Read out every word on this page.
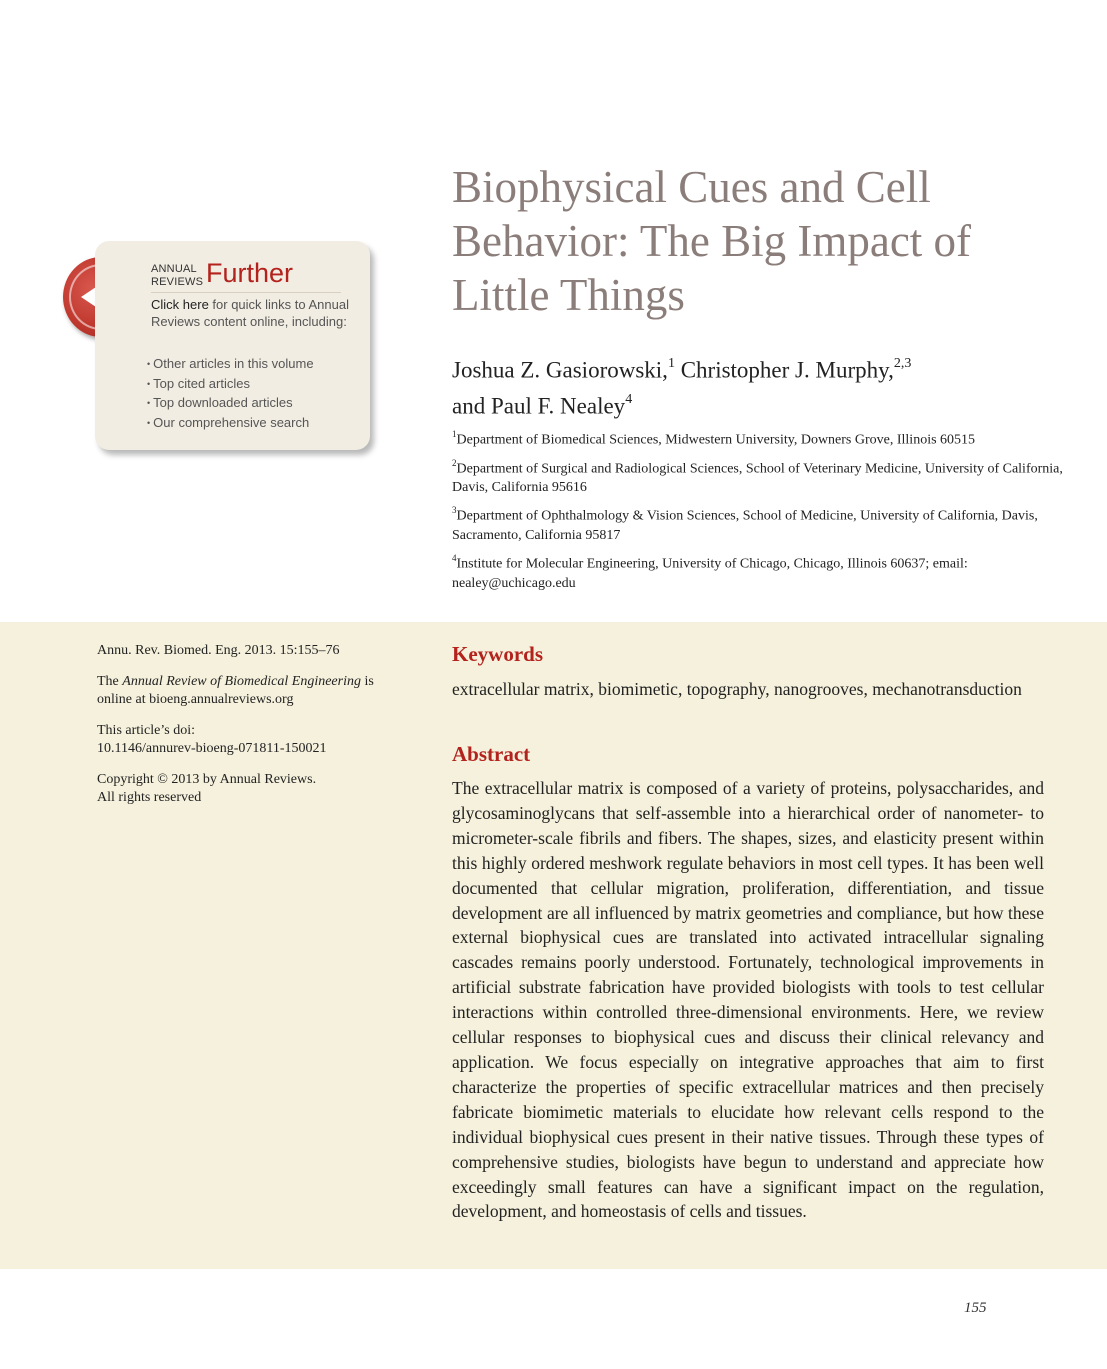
ANNUAL
REVIEWS Further
Click here for quick links to Annual Reviews content online, including:
• Other articles in this volume
• Top cited articles
• Top downloaded articles
• Our comprehensive search
Biophysical Cues and Cell Behavior: The Big Impact of Little Things
Joshua Z. Gasiorowski,$^1$ Christopher J. Murphy,$^{2,3}$
and Paul F. Nealey$^4$

$^1$Department of Biomedical Sciences, Midwestern University, Downers Grove, Illinois 60515

$^2$Department of Surgical and Radiological Sciences, School of Veterinary Medicine, University of California, Davis, California 95616

$^3$Department of Ophthalmology & Vision Sciences, School of Medicine, University of California, Davis, Sacramento, California 95817

$^4$Institute for Molecular Engineering, University of Chicago, Chicago, Illinois 60637; email: nealey@uchicago.edu

Annu. Rev. Biomed. Eng. 2013. 15:155–76

The Annual Review of Biomedical Engineering is online at bioeng.annualreviews.org

This article’s doi:
10.1146/annurev-bioeng-071811-150021

Copyright © 2013 by Annual Reviews.
All rights reserved

Keywords
extracellular matrix, biomimetic, topography, nanogrooves, mechanotransduction
Abstract
The extracellular matrix is composed of a variety of proteins, polysaccharides, and glycosaminoglycans that self-assemble into a hierarchical order of nanometer- to micrometer-scale fibrils and fibers. The shapes, sizes, and elasticity present within this highly ordered meshwork regulate behaviors in most cell types. It has been well documented that cellular migration, proliferation, differentiation, and tissue development are all influenced by matrix geometries and compliance, but how these external biophysical cues are translated into activated intracellular signaling cascades remains poorly understood. Fortunately, technological improvements in artificial substrate fabrication have provided biologists with tools to test cellular interactions within controlled three-dimensional environments. Here, we review cellular responses to biophysical cues and discuss their clinical relevancy and application. We focus especially on integrative approaches that aim to first characterize the properties of specific extracellular matrices and then precisely fabricate biomimetic materials to elucidate how relevant cells respond to the individual biophysical cues present in their native tissues. Through these types of comprehensive studies, biologists have begun to understand and appreciate how exceedingly small features can have a significant impact on the regulation, development, and homeostasis of cells and tissues.
155
